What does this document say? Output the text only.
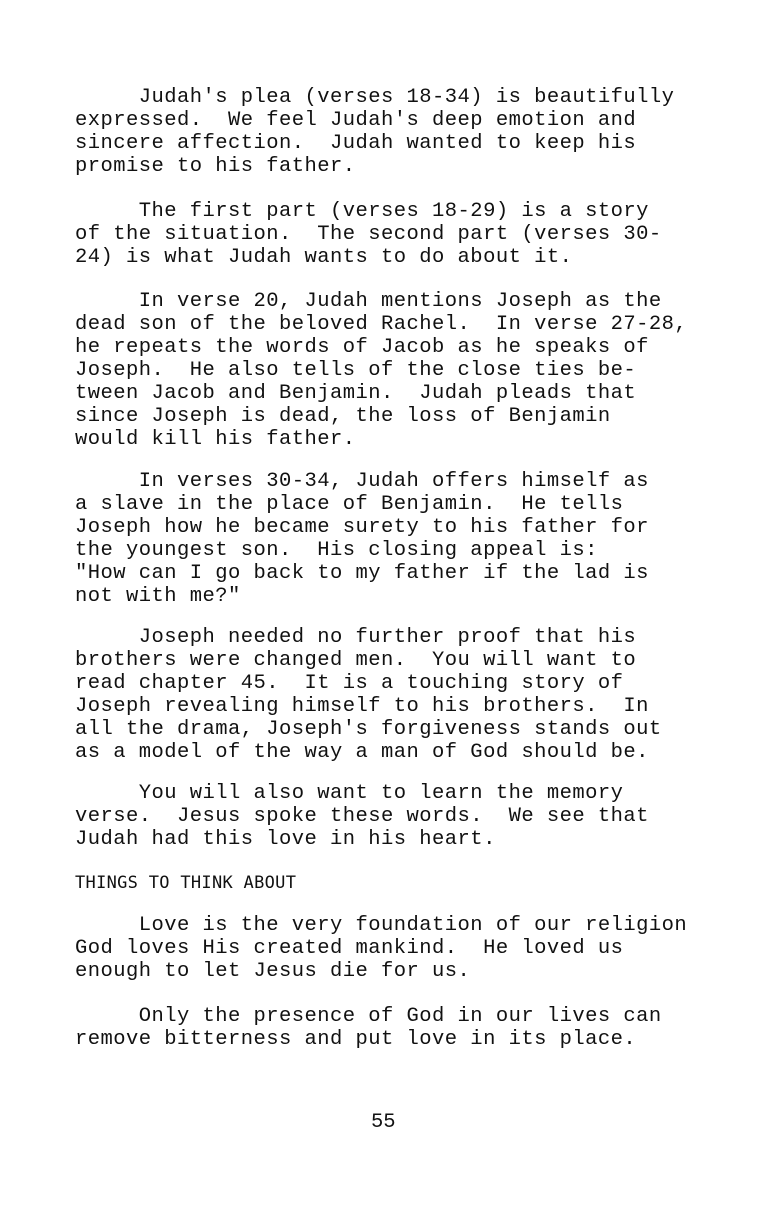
Judah's plea (verses 18-34) is beautifully
expressed.  We feel Judah's deep emotion and
sincere affection.  Judah wanted to keep his
promise to his father.
The first part (verses 18-29) is a story
of the situation.  The second part (verses 30-
24) is what Judah wants to do about it.
In verse 20, Judah mentions Joseph as the
dead son of the beloved Rachel.  In verse 27-28,
he repeats the words of Jacob as he speaks of
Joseph.  He also tells of the close ties be-
tween Jacob and Benjamin.  Judah pleads that
since Joseph is dead, the loss of Benjamin
would kill his father.
In verses 30-34, Judah offers himself as
a slave in the place of Benjamin.  He tells
Joseph how he became surety to his father for
the youngest son.  His closing appeal is:
"How can I go back to my father if the lad is
not with me?"
Joseph needed no further proof that his
brothers were changed men.  You will want to
read chapter 45.  It is a touching story of
Joseph revealing himself to his brothers.  In
all the drama, Joseph's forgiveness stands out
as a model of the way a man of God should be.
You will also want to learn the memory
verse.  Jesus spoke these words.  We see that
Judah had this love in his heart.
THINGS TO THINK ABOUT
Love is the very foundation of our religion
God loves His created mankind.  He loved us
enough to let Jesus die for us.
Only the presence of God in our lives can
remove bitterness and put love in its place.
55
